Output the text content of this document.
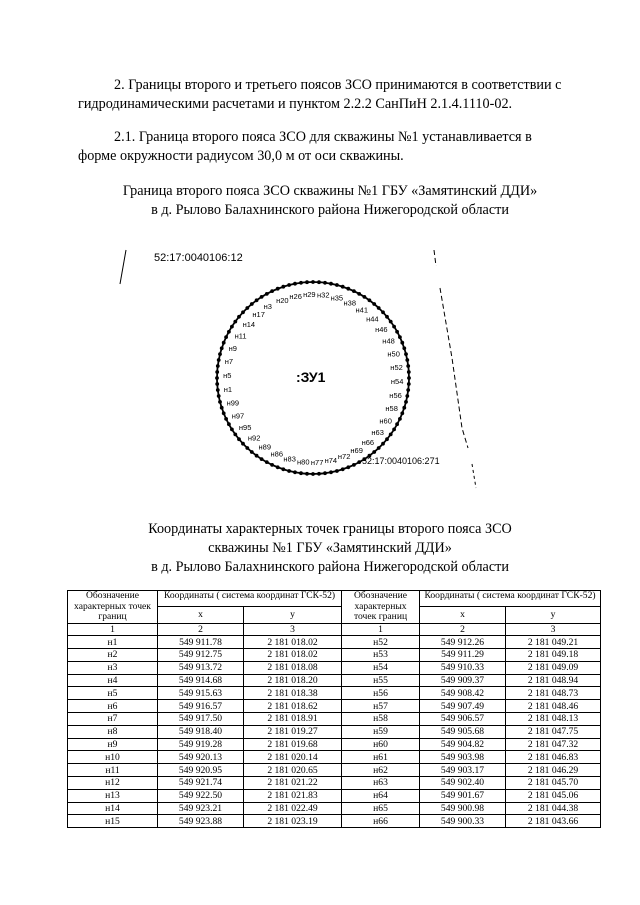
2. Границы второго и третьего поясов ЗСО принимаются в соответствии с
гидродинамическими расчетами и пунктом 2.2.2 СанПиН 2.1.4.1110-02.
2.1. Граница второго пояса ЗСО для скважины №1 устанавливается в
форме окружности радиусом 30,0 м от оси скважины.
Граница второго пояса ЗСО скважины №1 ГБУ «Замятинский ДДИ»
в д. Рылово Балахнинского района Нижегородской области
н20 н26 н29 н32 н35
н38
н41
н44
н46
н48
н50
н52
н54
н56
н58
н60
н63
н66
н69
н72
н74
н77
н80
н83
н86
н89
н92
н95
н97
н99
н1
н5
н7
н9
н11
н14
н17
н3
52:17:0040106:12
:ЗУ1
52:17:0040106:271
Координаты характерных точек границы второго пояса ЗСО
скважины №1 ГБУ «Замятинский ДДИ»
в д. Рылово Балахнинского района Нижегородской области
Обозначение характерных точек границ	Координаты ( система координат ГСК-52)		Обозначение характерных точек границ	Координаты ( система координат ГСК-52)	
	x	y		x	y
1	2	3	1	2	3
н1	549 911.78	2 181 018.02	н52	549 912.26	2 181 049.21
н2	549 912.75	2 181 018.02	н53	549 911.29	2 181 049.18
н3	549 913.72	2 181 018.08	н54	549 910.33	2 181 049.09
н4	549 914.68	2 181 018.20	н55	549 909.37	2 181 048.94
н5	549 915.63	2 181 018.38	н56	549 908.42	2 181 048.73
н6	549 916.57	2 181 018.62	н57	549 907.49	2 181 048.46
н7	549 917.50	2 181 018.91	н58	549 906.57	2 181 048.13
н8	549 918.40	2 181 019.27	н59	549 905.68	2 181 047.75
н9	549 919.28	2 181 019.68	н60	549 904.82	2 181 047.32
н10	549 920.13	2 181 020.14	н61	549 903.98	2 181 046.83
н11	549 920.95	2 181 020.65	н62	549 903.17	2 181 046.29
н12	549 921.74	2 181 021.22	н63	549 902.40	2 181 045.70
н13	549 922.50	2 181 021.83	н64	549 901.67	2 181 045.06
н14	549 923.21	2 181 022.49	н65	549 900.98	2 181 044.38
н15	549 923.88	2 181 023.19	н66	549 900.33	2 181 043.66
